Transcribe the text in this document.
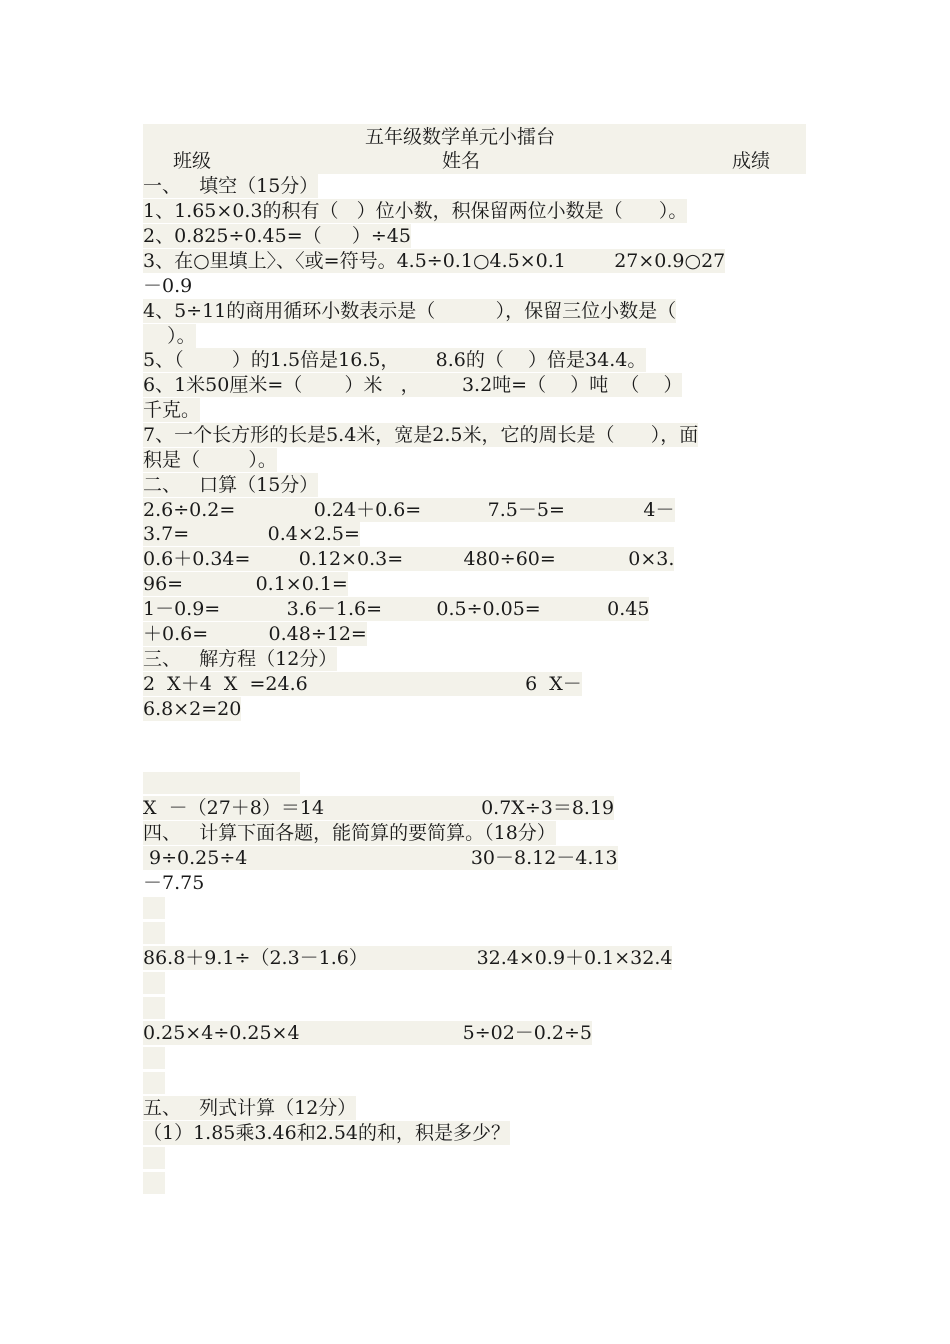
五年级数学单元小擂台
班级	姓名	成绩
一、   填空（15分）
1、1.65×0.3的积有（   ）位小数，积保留两位小数是（      ）。
2、0.825÷0.45=（     ）÷45
3、在○里填上〉、〈或=符号。4.5÷0.1○4.5×0.1        27×0.9○27
－0.9
4、5÷11的商用循环小数表示是（          ），保留三位小数是（
）。
5、（        ）的1.5倍是16.5，      8.6的（    ）倍是34.4。
6、1米50厘米=（       ）米   ，       3.2吨=（    ）吨  （    ）
千克。
7、一个长方形的长是5.4米，宽是2.5米，它的周长是（      ），面
积是（        ）。
二、   口算（15分）
2.6÷0.2=             0.24＋0.6=           7.5－5=             4－
3.7=             0.4×2.5=
0.6＋0.34=        0.12×0.3=          480÷60=            0×3.
96=            0.1×0.1=
1－0.9=           3.6－1.6=         0.5÷0.05=           0.45
＋0.6=          0.48÷12=
三、   解方程（12分）
2  X＋4  X  =24.6                                    6  X－
6.8×2=20
X  －（27＋8）＝14                          0.7X÷3＝8.19
四、   计算下面各题，能简算的要简算。（18分）
9÷0.25÷4                                     30－8.12－4.13
－7.75
86.8＋9.1÷（2.3－1.6）                  32.4×0.9＋0.1×32.4
0.25×4÷0.25×4                           5÷02－0.2÷5
五、   列式计算（12分）
（1）1.85乘3.46和2.54的和，积是多少？
